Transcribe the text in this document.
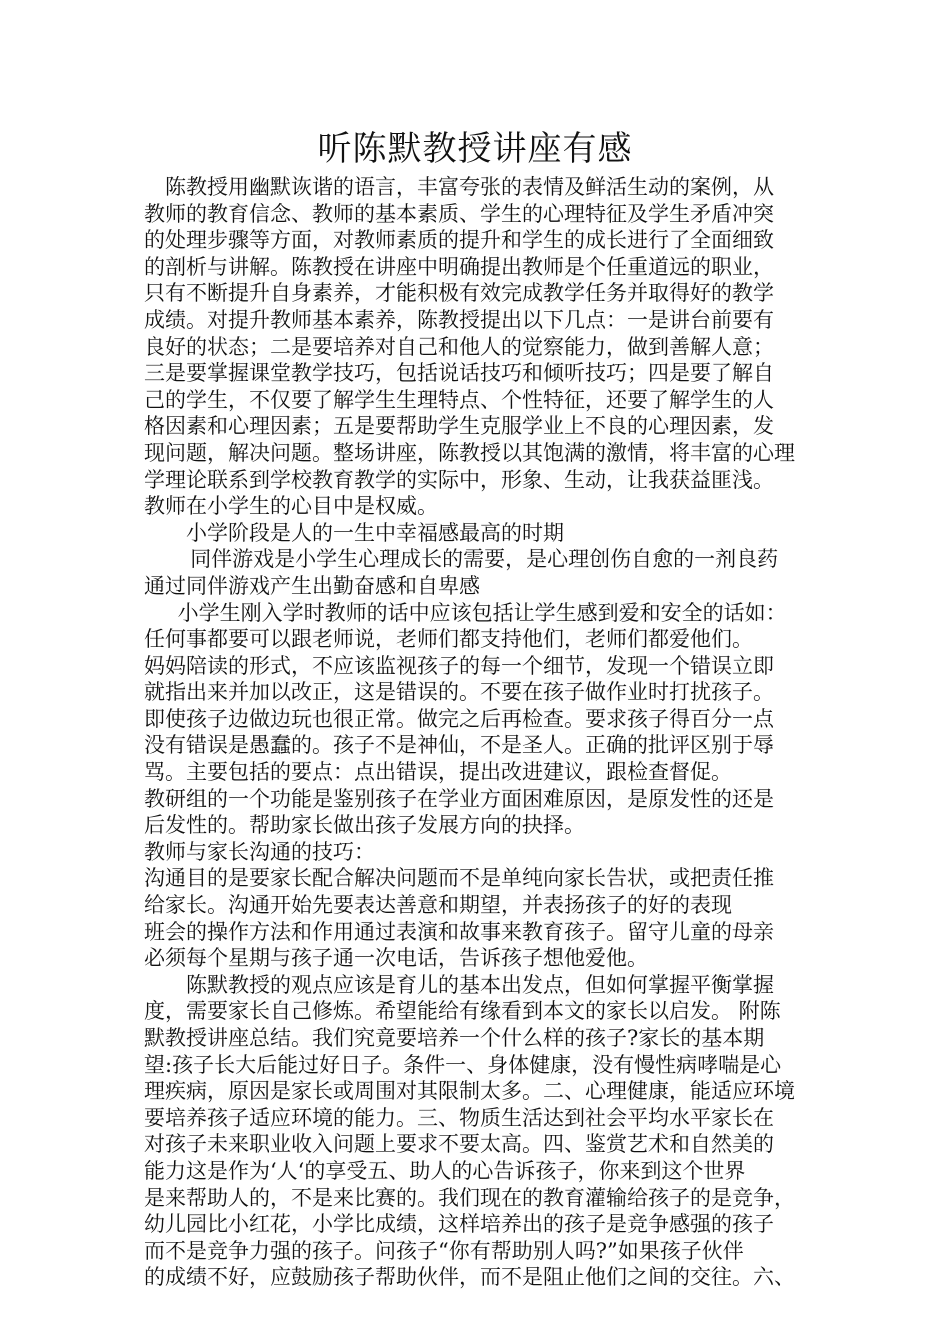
听陈默教授讲座有感
陈教授用幽默诙谐的语言，丰富夸张的表情及鲜活生动的案例，从
教师的教育信念、教师的基本素质、学生的心理特征及学生矛盾冲突
的处理步骤等方面，对教师素质的提升和学生的成长进行了全面细致
的剖析与讲解。陈教授在讲座中明确提出教师是个任重道远的职业，
只有不断提升自身素养，才能积极有效完成教学任务并取得好的教学
成绩。对提升教师基本素养，陈教授提出以下几点：一是讲台前要有
良好的状态；二是要培养对自己和他人的觉察能力，做到善解人意；
三是要掌握课堂教学技巧，包括说话技巧和倾听技巧；四是要了解自
己的学生，不仅要了解学生生理特点、个性特征，还要了解学生的人
格因素和心理因素；五是要帮助学生克服学业上不良的心理因素，发
现问题，解决问题。整场讲座，陈教授以其饱满的激情，将丰富的心理
学理论联系到学校教育教学的实际中，形象、生动，让我获益匪浅。
教师在小学生的心目中是权威。
小学阶段是人的一生中幸福感最高的时期
同伴游戏是小学生心理成长的需要，是心理创伤自愈的一剂良药
通过同伴游戏产生出勤奋感和自卑感
小学生刚入学时教师的话中应该包括让学生感到爱和安全的话如：
任何事都要可以跟老师说，老师们都支持他们，老师们都爱他们。
妈妈陪读的形式，不应该监视孩子的每一个细节，发现一个错误立即
就指出来并加以改正，这是错误的。不要在孩子做作业时打扰孩子。
即使孩子边做边玩也很正常。做完之后再检查。要求孩子得百分一点
没有错误是愚蠢的。孩子不是神仙，不是圣人。正确的批评区别于辱
骂。主要包括的要点：点出错误，提出改进建议，跟检查督促。
教研组的一个功能是鉴别孩子在学业方面困难原因，是原发性的还是
后发性的。帮助家长做出孩子发展方向的抉择。
教师与家长沟通的技巧：
沟通目的是要家长配合解决问题而不是单纯向家长告状，或把责任推
给家长。沟通开始先要表达善意和期望，并表扬孩子的好的表现
班会的操作方法和作用通过表演和故事来教育孩子。留守儿童的母亲
必须每个星期与孩子通一次电话，告诉孩子想他爱他。
陈默教授的观点应该是育儿的基本出发点，但如何掌握平衡掌握
度，需要家长自己修炼。希望能给有缘看到本文的家长以启发。 附陈
默教授讲座总结。我们究竟要培养一个什么样的孩子?家长的基本期
望:孩子长大后能过好日子。条件一、身体健康，没有慢性病哮喘是心
理疾病，原因是家长或周围对其限制太多。二、心理健康，能适应环境
要培养孩子适应环境的能力。三、物质生活达到社会平均水平家长在
对孩子未来职业收入问题上要求不要太高。四、鉴赏艺术和自然美的
能力这是作为‘人‘的享受五、助人的心告诉孩子，你来到这个世界
是来帮助人的，不是来比赛的。我们现在的教育灌输给孩子的是竞争，
幼儿园比小红花，小学比成绩，这样培养出的孩子是竞争感强的孩子
而不是竞争力强的孩子。问孩子“你有帮助别人吗?”如果孩子伙伴
的成绩不好，应鼓励孩子帮助伙伴，而不是阻止他们之间的交往。六、
